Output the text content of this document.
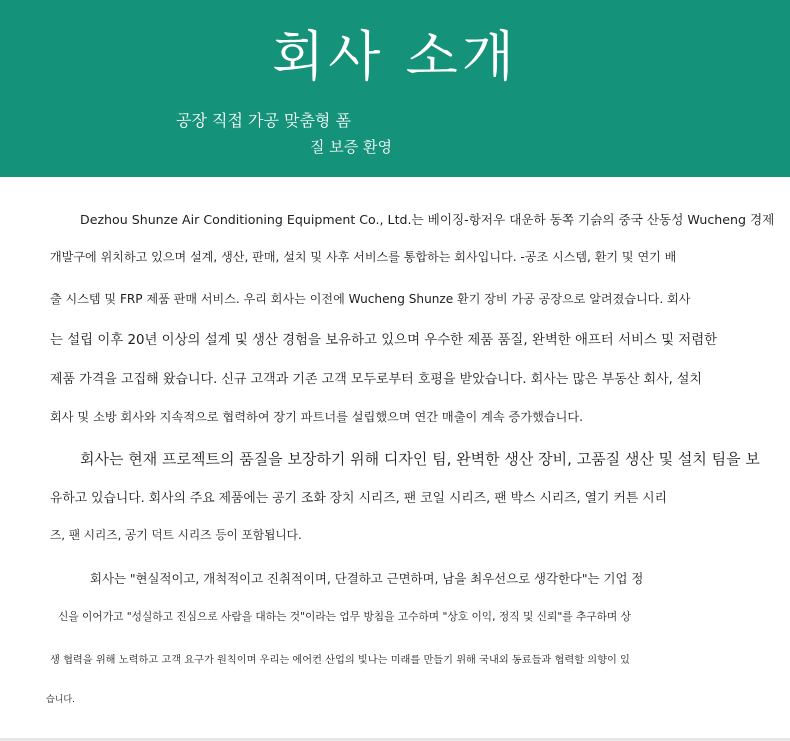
회사 소개
공장 직접 가공 맞춤형 폼
질 보증 환영
Dezhou Shunze Air Conditioning Equipment Co., Ltd.는 베이징-항저우 대운하 동쪽 기슭의 중국 산동성 Wucheng 경제
개발구에 위치하고 있으며 설계, 생산, 판매, 설치 및 사후 서비스를 통합하는 회사입니다. -공조 시스템, 환기 및 연기 배
출 시스템 및 FRP 제품 판매 서비스. 우리 회사는 이전에 Wucheng Shunze 환기 장비 가공 공장으로 알려졌습니다. 회사
는 설립 이후 20년 이상의 설계 및 생산 경험을 보유하고 있으며 우수한 제품 품질, 완벽한 애프터 서비스 및 저렴한
제품 가격을 고집해 왔습니다. 신규 고객과 기존 고객 모두로부터 호평을 받았습니다. 회사는 많은 부동산 회사, 설치
회사 및 소방 회사와 지속적으로 협력하여 장기 파트너를 설립했으며 연간 매출이 계속 증가했습니다.
회사는 현재 프로젝트의 품질을 보장하기 위해 디자인 팀, 완벽한 생산 장비, 고품질 생산 및 설치 팀을 보
유하고 있습니다. 회사의 주요 제품에는 공기 조화 장치 시리즈, 팬 코일 시리즈, 팬 박스 시리즈, 열기 커튼 시리
즈, 팬 시리즈, 공기 덕트 시리즈 등이 포함됩니다.
회사는 "현실적이고, 개척적이고 진취적이며, 단결하고 근면하며, 남을 최우선으로 생각한다"는 기업 정
신을 이어가고 "성실하고 진심으로 사람을 대하는 것"이라는 업무 방침을 고수하며 "상호 이익, 정직 및 신뢰"를 추구하며 상
생 협력을 위해 노력하고 고객 요구가 원칙이며 우리는 에어컨 산업의 빛나는 미래를 만들기 위해 국내외 동료들과 협력할 의향이 있
습니다.
